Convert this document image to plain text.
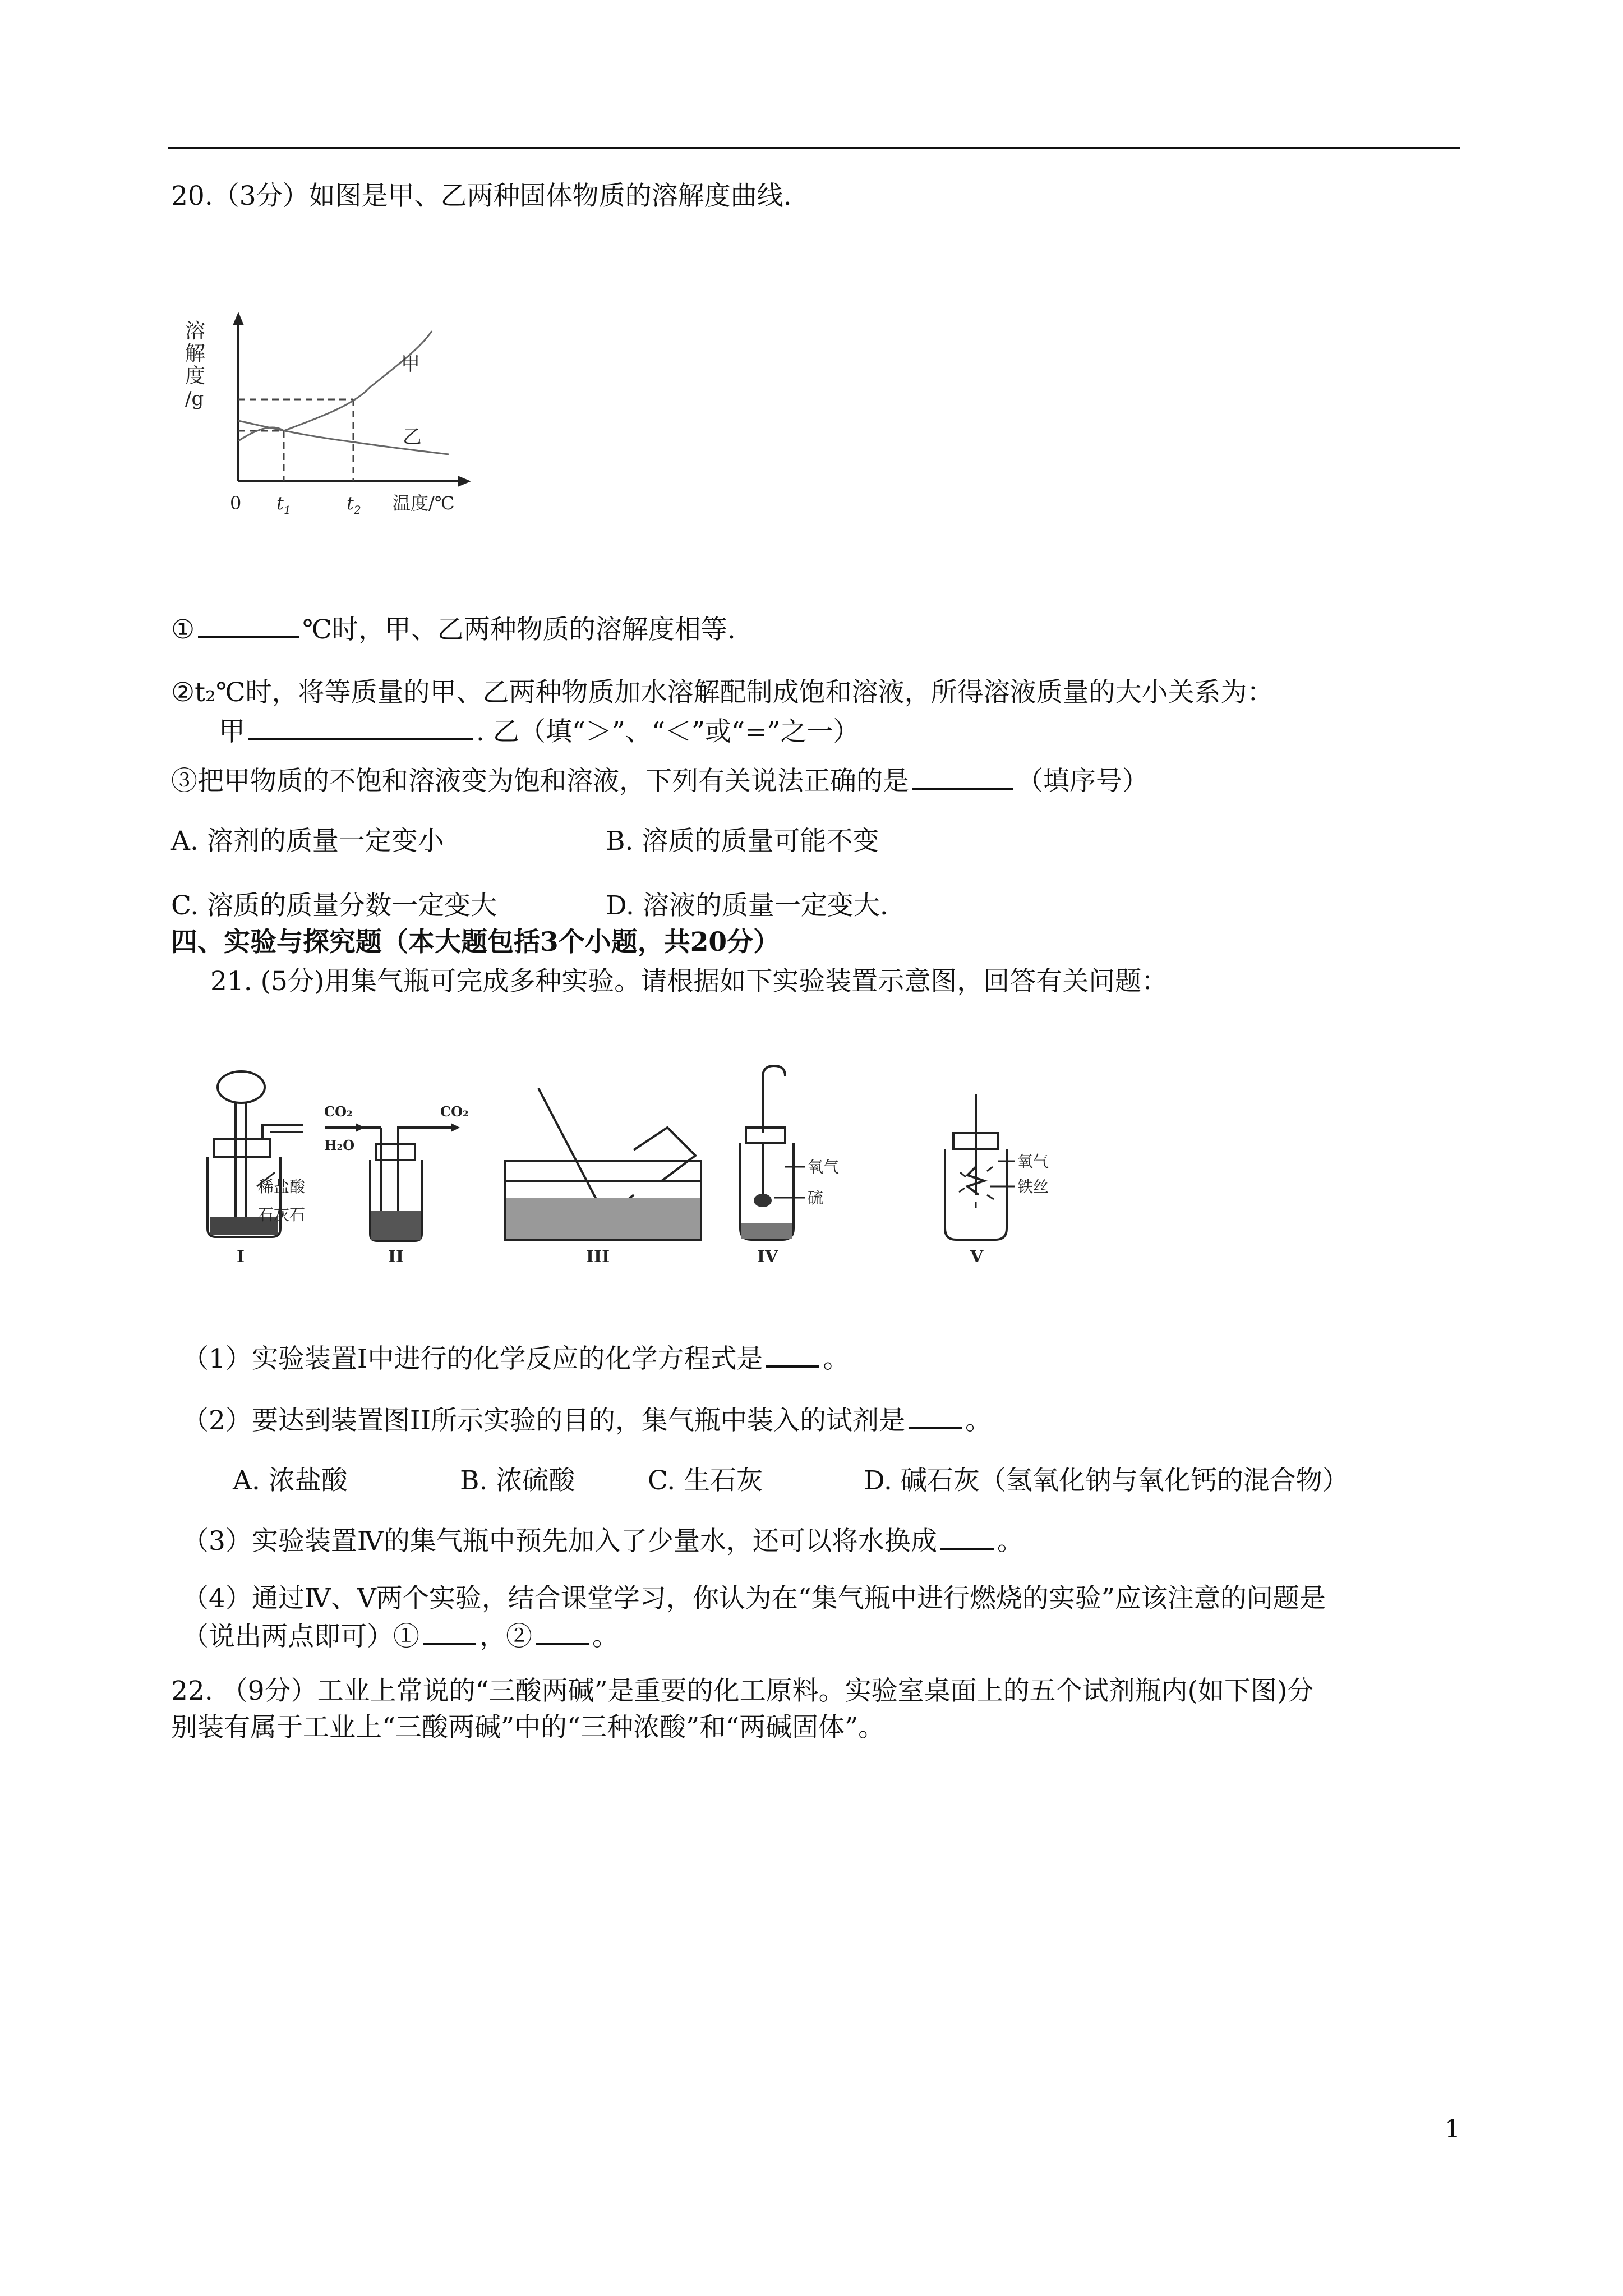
20.（3分）如图是甲、乙两种固体物质的溶解度曲线.
溶
解
度
/g
0 t 1	t 2 温度/℃
甲
乙
①	℃时，甲、乙两种物质的溶解度相等.
②t₂℃时，将等质量的甲、乙两种物质加水溶解配制成饱和溶液，所得溶液质量的大小关系为：
甲	. 乙（填“＞”、“＜”或“=”之一）
③把甲物质的不饱和溶液变为饱和溶液，下列有关说法正确的是	（填序号）
A. 溶剂的质量一定变小	B. 溶质的质量可能不变
C. 溶质的质量分数一定变大	D. 溶液的质量一定变大.
四、实验与探究题（本大题包括3个小题，共20分）
21. (5分)用集气瓶可完成多种实验。请根据如下实验装置示意图，回答有关问题：
稀盐酸
石灰石
I
CO₂
H₂O
CO₂
II	III
氧气
硫
IV
氧气
铁丝
V
（1）实验装置Ⅰ中进行的化学反应的化学方程式是 。
（2）要达到装置图II所示实验的目的，集气瓶中装入的试剂是 。
A. 浓盐酸	B. 浓硫酸	C. 生石灰	D. 碱石灰（氢氧化钠与氧化钙的混合物）
（3）实验装置Ⅳ的集气瓶中预先加入了少量水，还可以将水换成 。
（4）通过Ⅳ、Ⅴ两个实验，结合课堂学习，你认为在“集气瓶中进行燃烧的实验”应该注意的问题是
（说出两点即可）① ，② 。
22. （9分）工业上常说的“三酸两碱”是重要的化工原料。实验室桌面上的五个试剂瓶内(如下图)分
别装有属于工业上“三酸两碱”中的“三种浓酸”和“两碱固体”。
1
